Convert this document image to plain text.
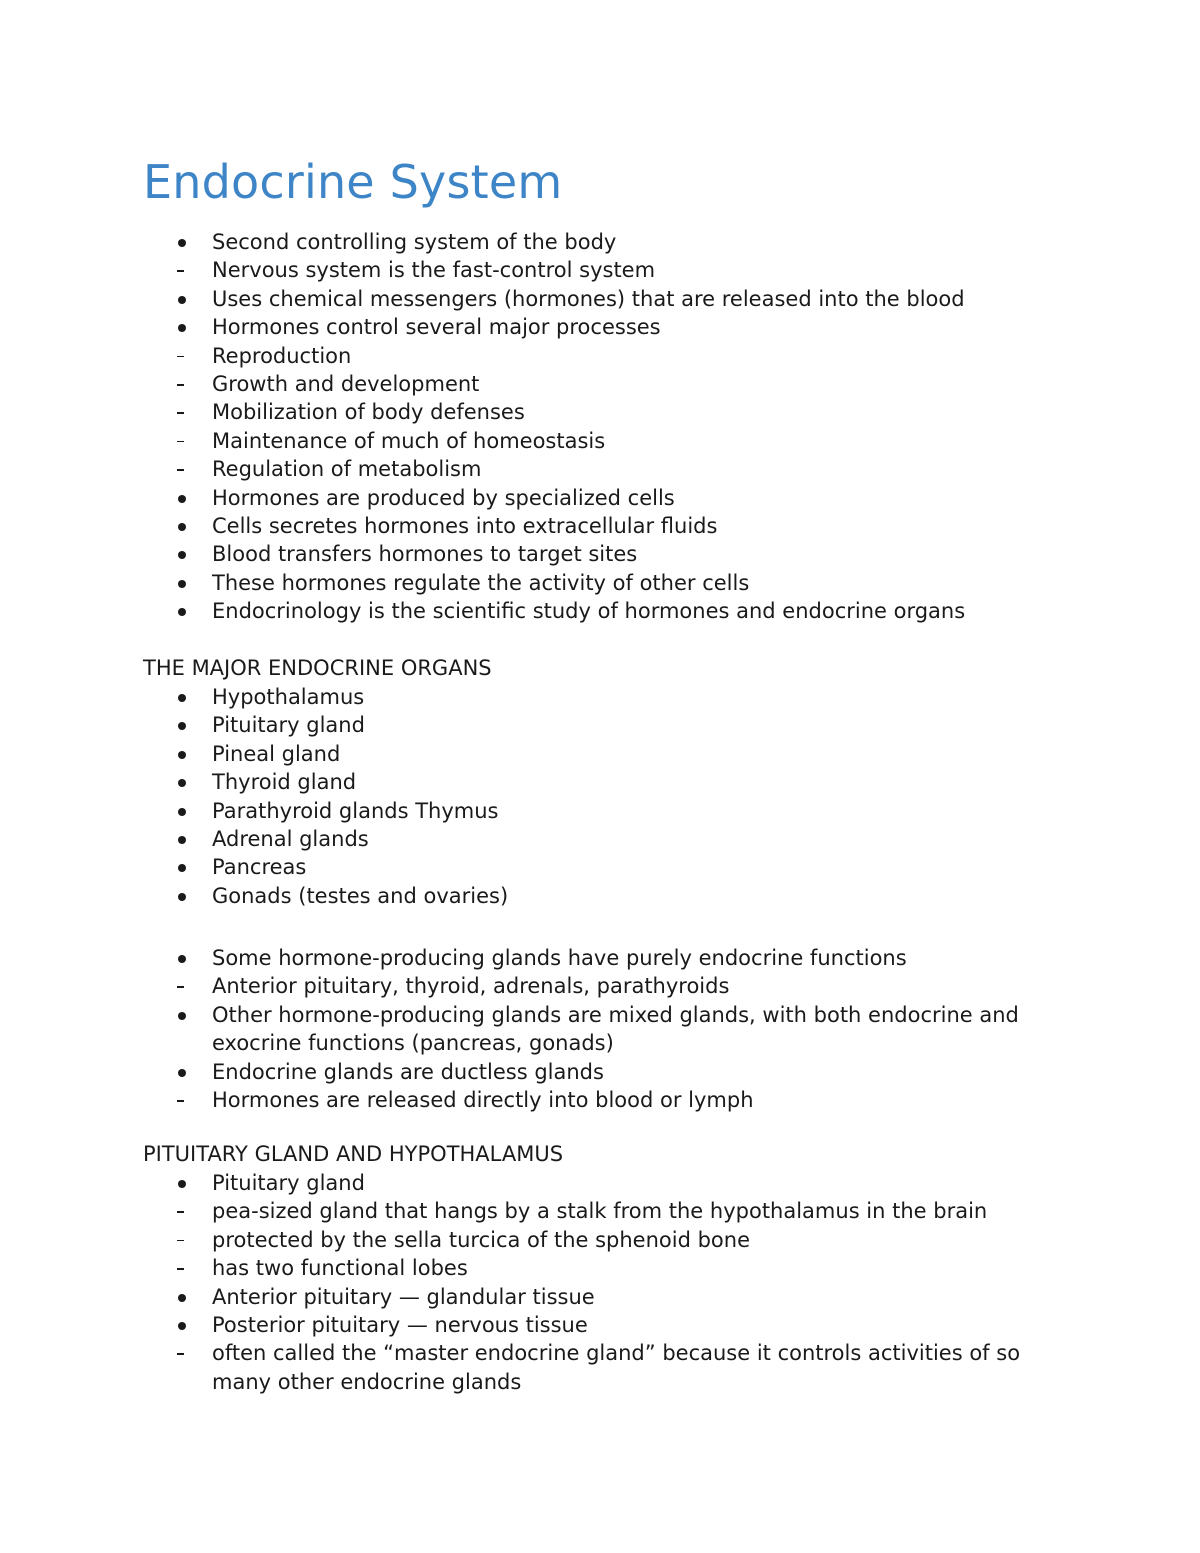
Endocrine System
Second controlling system of the body
Nervous system is the fast-control system
Uses chemical messengers (hormones) that are released into the blood
Hormones control several major processes
Reproduction
Growth and development
Mobilization of body defenses
Maintenance of much of homeostasis
Regulation of metabolism
Hormones are produced by specialized cells
Cells secretes hormones into extracellular fluids
Blood transfers hormones to target sites
These hormones regulate the activity of other cells
Endocrinology is the scientific study of hormones and endocrine organs
THE MAJOR ENDOCRINE ORGANS
Hypothalamus
Pituitary gland
Pineal gland
Thyroid gland
Parathyroid glands Thymus
Adrenal glands
Pancreas
Gonads (testes and ovaries)
Some hormone-producing glands have purely endocrine functions
Anterior pituitary, thyroid, adrenals, parathyroids
Other hormone-producing glands are mixed glands, with both endocrine and exocrine functions (pancreas, gonads)
Endocrine glands are ductless glands
Hormones are released directly into blood or lymph
PITUITARY GLAND AND HYPOTHALAMUS
Pituitary gland
pea-sized gland that hangs by a stalk from the hypothalamus in the brain
protected by the sella turcica of the sphenoid bone
has two functional lobes
Anterior pituitary — glandular tissue
Posterior pituitary — nervous tissue
often called the “master endocrine gland” because it controls activities of so many other endocrine glands
